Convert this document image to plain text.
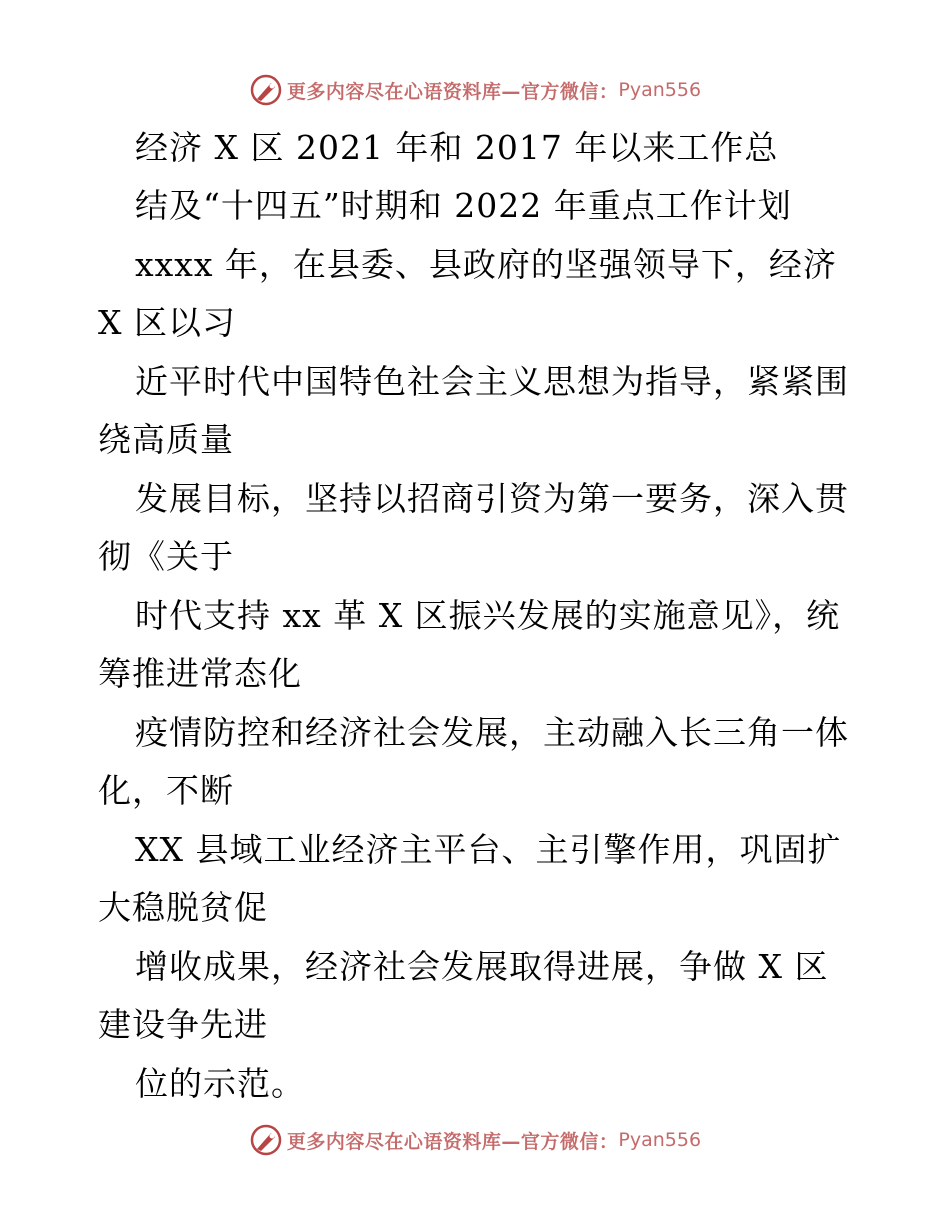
更多内容尽在心语资料库—官方微信： Pyan556
经济 X 区 2021 年和 2017 年以来工作总
结及“十四五”时期和 2022 年重点工作计划
xxxx 年，在县委、县政府的坚强领导下，经济
X 区以习
近平时代中国特色社会主义思想为指导，紧紧围
绕高质量
发展目标，坚持以招商引资为第一要务，深入贯
彻《关于
时代支持 xx 革 X 区振兴发展的实施意见》，统
筹推进常态化
疫情防控和经济社会发展，主动融入长三角一体
化，不断
XX 县域工业经济主平台、主引擎作用，巩固扩
大稳脱贫促
增收成果，经济社会发展取得进展，争做 X 区
建设争先进
位的示范。
更多内容尽在心语资料库—官方微信： Pyan556
